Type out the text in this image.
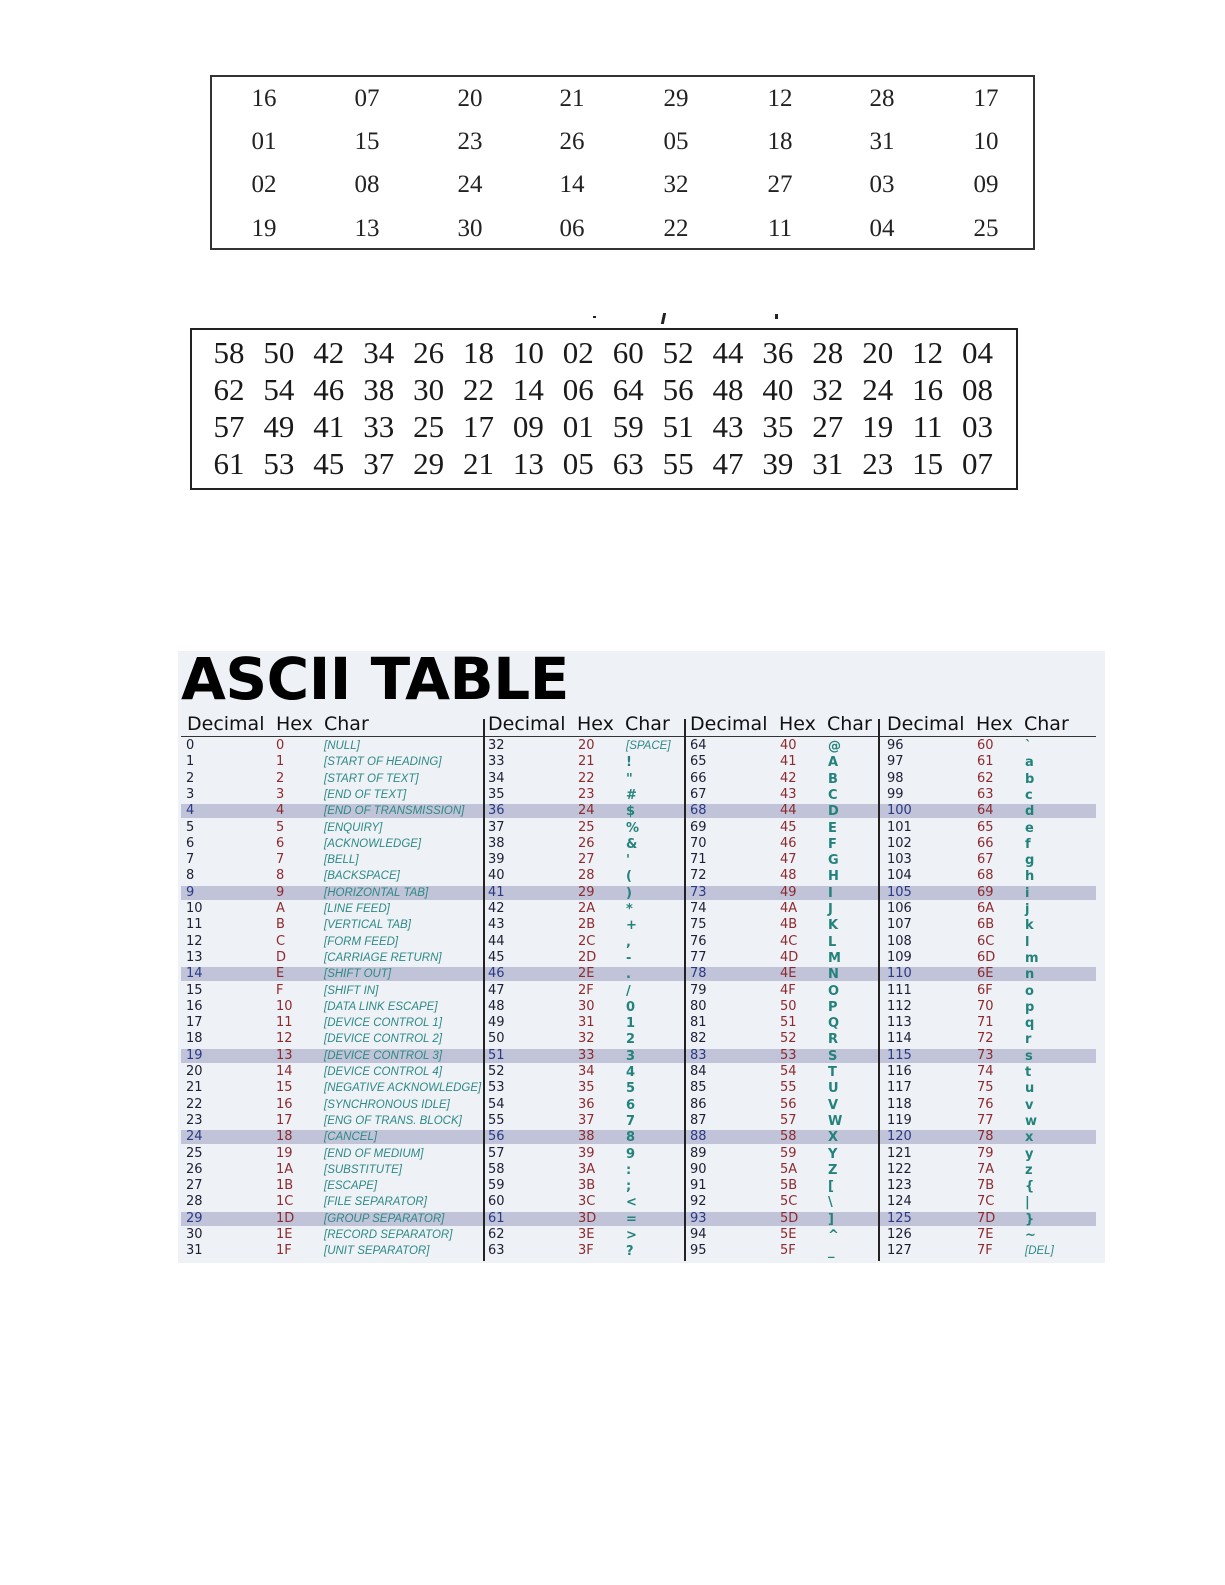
16	07	20	21	29	12	28	17
01	15	23	26	05	18	31	10
02	08	24	14	32	27	03	09
19	13	30	06	22	11	04	25
58 50 42 34 26 18 10 02 60 52 44 36 28 20 12 04
62 54 46 38 30 22 14 06 64 56 48 40 32 24 16 08
57 49 41 33 25 17 09 01 59 51 43 35 27 19 11 03
61 53 45 37 29 21 13 05 63 55 47 39 31 23 15 07
ASCII TABLE
Decimal Hex Char	Decimal Hex Char Decimal Hex Char Decimal Hex Char
0	0	[NULL]
1	1	[START OF HEADING]
2	2	[START OF TEXT]
3	3	[END OF TEXT]
4	4	[END OF TRANSMISSION]
5	5	[ENQUIRY]
6	6	[ACKNOWLEDGE]
7	7	[BELL]
8	8	[BACKSPACE]
9	9	[HORIZONTAL TAB]
10	A	[LINE FEED]
11	B	[VERTICAL TAB]
12	C	[FORM FEED]
13	D	[CARRIAGE RETURN]
14	E	[SHIFT OUT]
15	F	[SHIFT IN]
16	10	[DATA LINK ESCAPE]
17	11	[DEVICE CONTROL 1]
18	12	[DEVICE CONTROL 2]
19	13	[DEVICE CONTROL 3]
20	14	[DEVICE CONTROL 4]
21	15	[NEGATIVE ACKNOWLEDGE]
22	16	[SYNCHRONOUS IDLE]
23	17	[ENG OF TRANS. BLOCK]
24	18	[CANCEL]
25	19	[END OF MEDIUM]
26	1A	[SUBSTITUTE]
27	1B	[ESCAPE]
28	1C	[FILE SEPARATOR]
29	1D	[GROUP SEPARATOR]
30	1E	[RECORD SEPARATOR]
31	1F	[UNIT SEPARATOR]
32	20	[SPACE]
33	21 !
34	22 "
35	23 #
36	24 $
37	25 %
38	26 &
39	27 '
40	28 (
41	29 )
42	2A *
43	2B +
44	2C ,
45	2D -
46	2E .
47	2F /
48	30 0
49	31 1
50	32 2
51	33 3
52	34 4
53	35 5
54	36 6
55	37 7
56	38 8
57	39 9
58	3A :
59	3B ;
60	3C <
61	3D =
62	3E >
63	3F ?
64	40 @
65	41 A
66	42 B
67	43 C
68	44 D
69	45 E
70	46 F
71	47 G
72	48 H
73	49 I
74	4A J
75	4B K
76	4C L
77	4D M
78	4E N
79	4F O
80	50 P
81	51 Q
82	52 R
83	53 S
84	54 T
85	55 U
86	56 V
87	57 W
88	58 X
89	59 Y
90	5A Z
91	5B [
92	5C \
93	5D ]
94	5E ^
95	5F _
96	60 `
97	61 a
98	62 b
99	63 c
100	64 d
101	65 e
102	66 f
103	67 g
104	68 h
105	69 i
106	6A j
107	6B k
108	6C l
109	6D m
110	6E n
111	6F o
112	70 p
113	71 q
114	72 r
115	73 s
116	74 t
117	75 u
118	76 v
119	77 w
120	78 x
121	79 y
122	7A z
123	7B {
124	7C |
125	7D }
126	7E ~
127	7F	[DEL]
